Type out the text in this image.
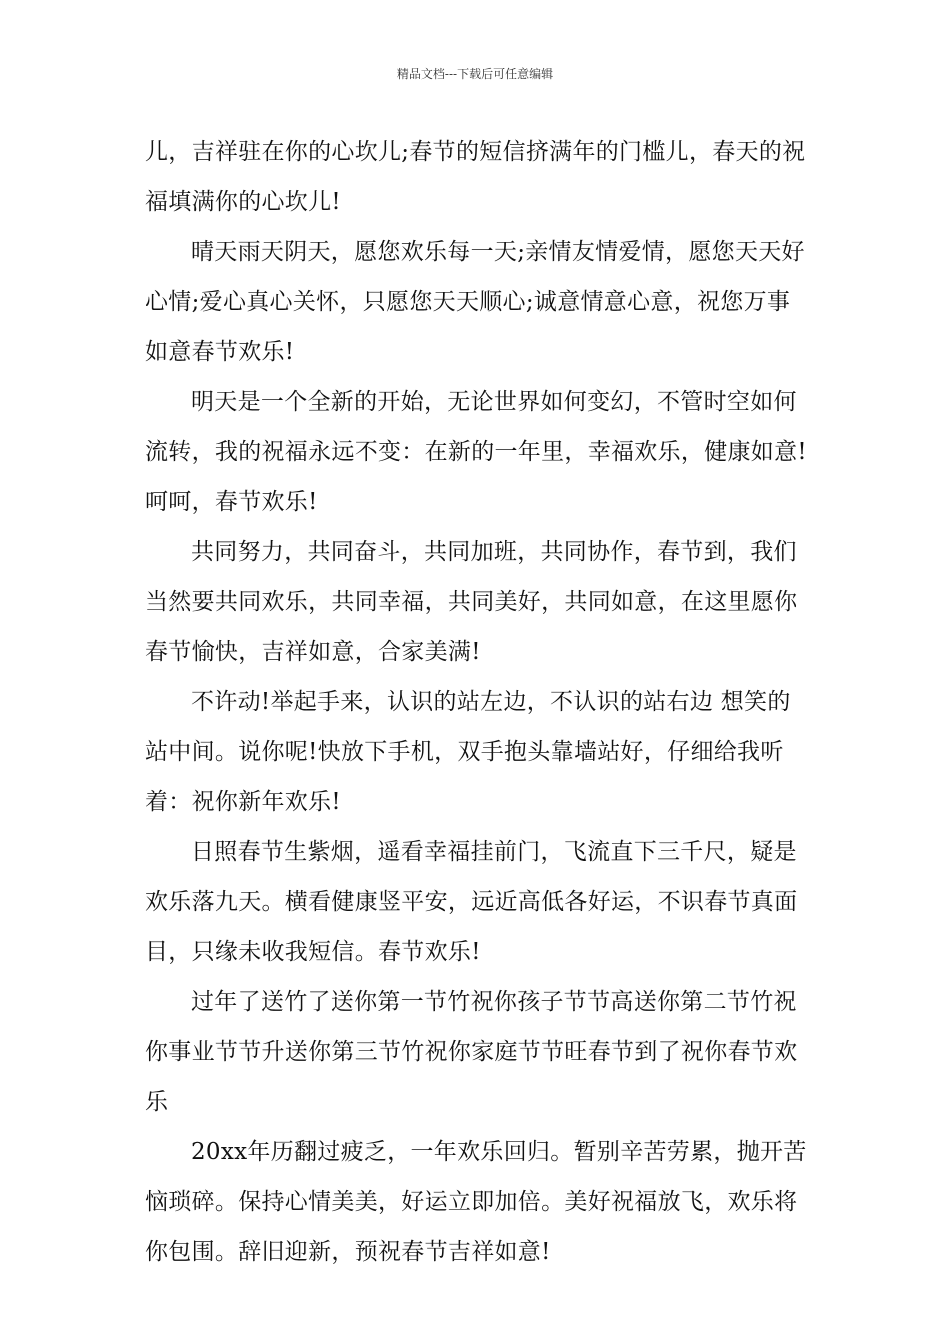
精品文档---下载后可任意编辑

儿，吉祥驻在你的心坎儿;春节的短信挤满年的门槛儿，春天的祝福填满你的心坎儿!

晴天雨天阴天，愿您欢乐每一天;亲情友情爱情，愿您天天好心情;爱心真心关怀，只愿您天天顺心;诚意情意心意，祝您万事如意春节欢乐!

明天是一个全新的开始，无论世界如何变幻，不管时空如何流转，我的祝福永远不变：在新的一年里，幸福欢乐，健康如意!呵呵，春节欢乐!

共同努力，共同奋斗，共同加班，共同协作，春节到，我们当然要共同欢乐，共同幸福，共同美好，共同如意，在这里愿你春节愉快，吉祥如意，合家美满!

不许动!举起手来，认识的站左边，不认识的站右边 想笑的站中间。说你呢!快放下手机，双手抱头靠墙站好，仔细给我听着：祝你新年欢乐!

日照春节生紫烟，遥看幸福挂前门，飞流直下三千尺，疑是欢乐落九天。横看健康竖平安，远近高低各好运，不识春节真面目，只缘未收我短信。春节欢乐!

过年了送竹了送你第一节竹祝你孩子节节高送你第二节竹祝你事业节节升送你第三节竹祝你家庭节节旺春节到了祝你春节欢乐

20xx年历翻过疲乏，一年欢乐回归。暂别辛苦劳累，抛开苦恼琐碎。保持心情美美，好运立即加倍。美好祝福放飞，欢乐将你包围。辞旧迎新，预祝春节吉祥如意!
